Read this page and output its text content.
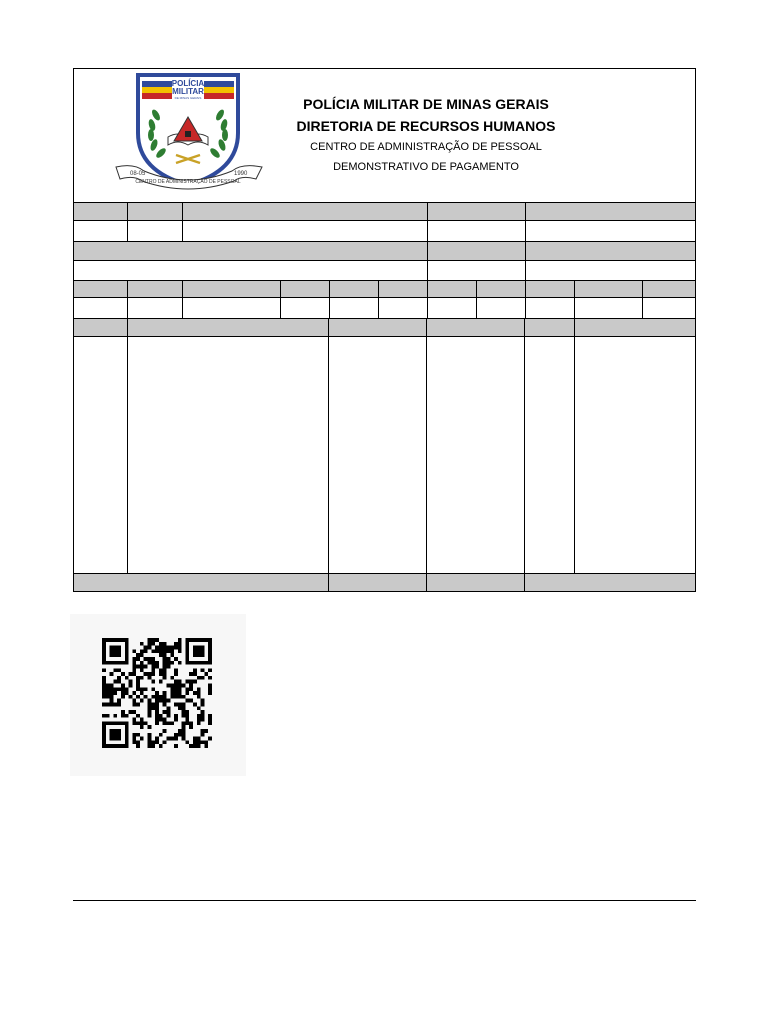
POLÍCIA
MILITAR
DE MINAS GERAIS
08-05
CENTRO DE ADMINISTRAÇÃO DE PESSOAL
1990
POLÍCIA MILITAR DE MINAS GERAIS
DIRETORIA DE RECURSOS HUMANOS
CENTRO DE ADMINISTRAÇÃO DE PESSOAL
DEMONSTRATIVO DE PAGAMENTO
